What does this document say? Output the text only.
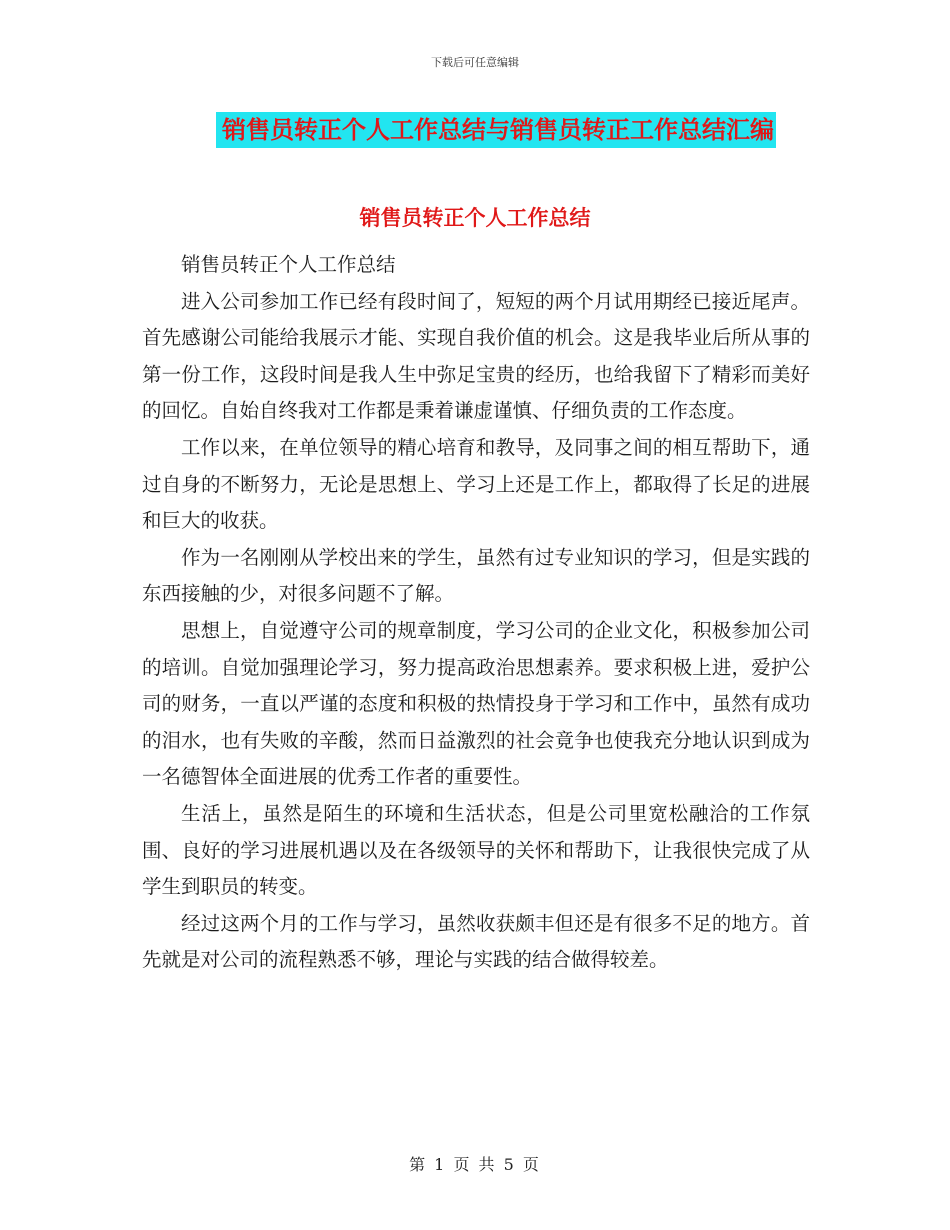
下载后可任意编辑
销售员转正个人工作总结与销售员转正工作总结汇编
销售员转正个人工作总结

销售员转正个人工作总结

进入公司参加工作已经有段时间了，短短的两个月试用期经已接近尾声。首先感谢公司能给我展示才能、实现自我价值的机会。这是我毕业后所从事的第一份工作，这段时间是我人生中弥足宝贵的经历，也给我留下了精彩而美好的回忆。自始自终我对工作都是秉着谦虚谨慎、仔细负责的工作态度。

工作以来，在单位领导的精心培育和教导，及同事之间的相互帮助下，通过自身的不断努力，无论是思想上、学习上还是工作上，都取得了长足的进展和巨大的收获。

作为一名刚刚从学校出来的学生，虽然有过专业知识的学习，但是实践的东西接触的少，对很多问题不了解。

思想上，自觉遵守公司的规章制度，学习公司的企业文化，积极参加公司的培训。自觉加强理论学习，努力提高政治思想素养。要求积极上进，爱护公司的财务，一直以严谨的态度和积极的热情投身于学习和工作中，虽然有成功的泪水，也有失败的辛酸，然而日益激烈的社会竟争也使我充分地认识到成为一名德智体全面进展的优秀工作者的重要性。

生活上，虽然是陌生的环境和生活状态，但是公司里宽松融洽的工作氛围、良好的学习进展机遇以及在各级领导的关怀和帮助下，让我很快完成了从学生到职员的转变。

经过这两个月的工作与学习，虽然收获颇丰但还是有很多不足的地方。首先就是对公司的流程熟悉不够，理论与实践的结合做得较差。

第 1 页 共 5 页
